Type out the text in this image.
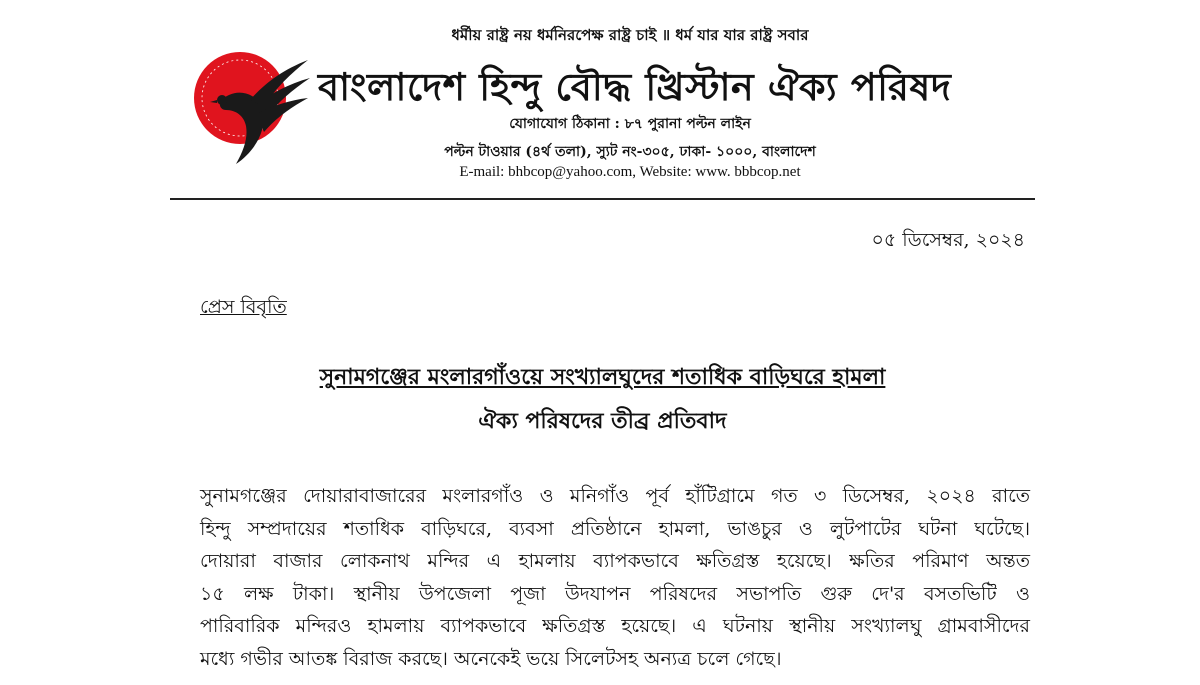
ধর্মীয় রাষ্ট্র নয় ধর্মনিরপেক্ষ রাষ্ট্র চাই ॥ ধর্ম যার যার রাষ্ট্র সবার
বাংলাদেশ হিন্দু বৌদ্ধ খ্রিস্টান ঐক্য পরিষদ
যোগাযোগ ঠিকানা : ৮৭ পুরানা পল্টন লাইন
পল্টন টাওয়ার (৪র্থ তলা), স্যুট নং-৩০৫, ঢাকা- ১০০০, বাংলাদেশ
E-mail: bhbcop@yahoo.com, Website: www. bbbcop.net
০৫ ডিসেম্বর, ২০২৪
প্রেস বিবৃতি
সুনামগঞ্জের মংলারগাঁওয়ে সংখ্যালঘুদের শতাধিক বাড়িঘরে হামলা
ঐক্য পরিষদের তীব্র প্রতিবাদ
সুনামগঞ্জের দোয়ারাবাজারের মংলারগাঁও ও মনিগাঁও পূর্ব হাঁটিগ্রামে গত ৩ ডিসেম্বর, ২০২৪ রাতে
হিন্দু সম্প্রদায়ের শতাধিক বাড়িঘরে, ব্যবসা প্রতিষ্ঠানে হামলা, ভাঙচুর ও লুটপাটের ঘটনা ঘটেছে।
দোয়ারা বাজার লোকনাথ মন্দির এ হামলায় ব্যাপকভাবে ক্ষতিগ্রস্ত হয়েছে। ক্ষতির পরিমাণ অন্তত
১৫ লক্ষ টাকা। স্থানীয় উপজেলা পূজা উদযাপন পরিষদের সভাপতি গুরু দে'র বসতভিটি ও
পারিবারিক মন্দিরও হামলায় ব্যাপকভাবে ক্ষতিগ্রস্ত হয়েছে। এ ঘটনায় স্থানীয় সংখ্যালঘু গ্রামবাসীদের
মধ্যে গভীর আতঙ্ক বিরাজ করছে। অনেকেই ভয়ে সিলেটসহ অন্যত্র চলে গেছে।
